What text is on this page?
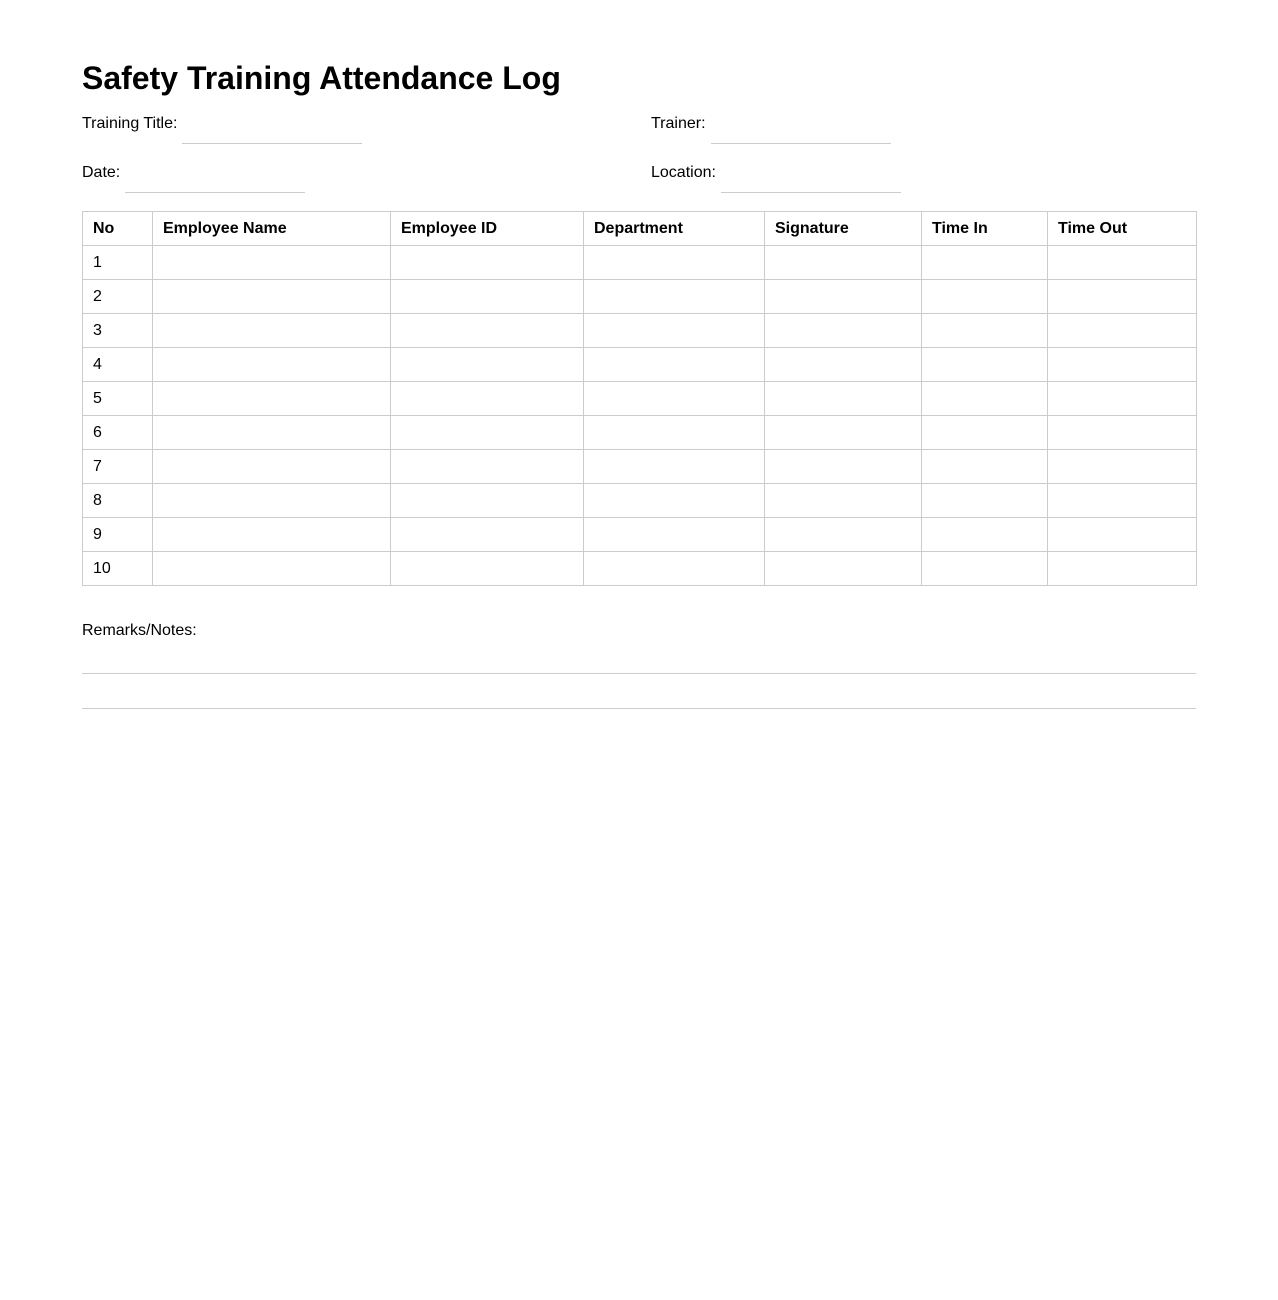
Safety Training Attendance Log
Training Title:	Trainer:
Date:	Location:
No	Employee Name	Employee ID	Department	Signature	Time In	Time Out
1						
2						
3						
4						
5						
6						
7						
8						
9						
10						
Remarks/Notes:
